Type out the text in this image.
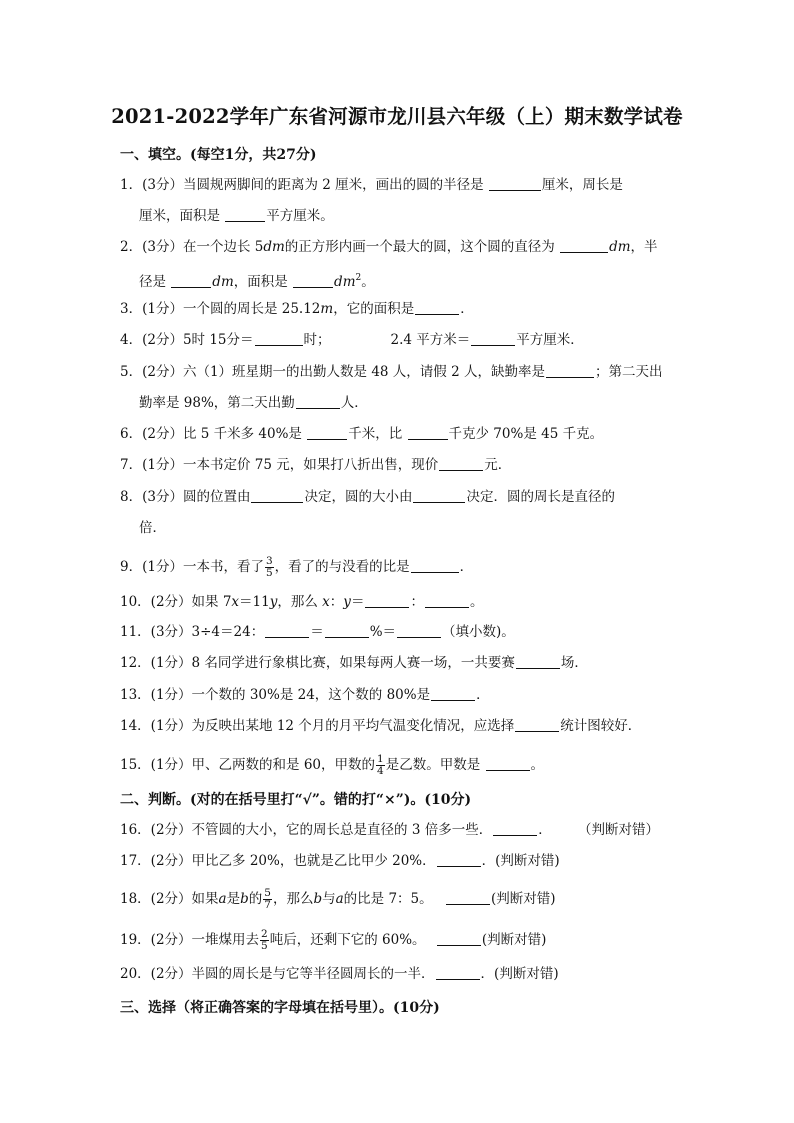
2021-2022学年广东省河源市龙川县六年级（上）期末数学试卷
一、填空。(每空1分，共27分)
1．(3分）当圆规两脚间的距离为 2 厘米，画出的圆的半径是	厘米，周长是
厘米，面积是	平方厘米。
2．(3分）在一个边长 5dm的正方形内画一个最大的圆，这个圆的直径为	dm，半
径是	dm，面积是	$dm^2$。
3．(1分）一个圆的周长是 25.12m，它的面积是	．
4．(2分）5时 15分＝	时；	2.4 平方米＝	平方厘米．
5．(2分）六（1）班星期一的出勤人数是 48 人，请假 2 人，缺勤率是	；第二天出
勤率是 98%，第二天出勤	人．
6．(2分）比 5 千米多 40%是	千米，比	千克少 70%是 45 千克。
7．(1分）一本书定价 75 元，如果打八折出售，现价	元．
8．(3分）圆的位置由	决定，圆的大小由	决定．圆的周长是直径的
倍．
9．(1分）一本书，看了 $\frac{3}{5}$ ，看了的与没看的比是	．
10．(2分）如果 7x＝11y，那么 x：y＝	：	。
11．(3分）3÷4＝24：	＝	%＝	（填小数)。
12．(1分）8 名同学进行象棋比赛，如果每两人赛一场，一共要赛	场．
13．(1分）一个数的 30%是 24，这个数的 80%是	．
14．(1分）为反映出某地 12 个月的月平均气温变化情况，应选择	统计图较好．
15．(1分）甲、乙两数的和是 60，甲数的 $\frac{1}{4}$ 是乙数。甲数是	。
二、判断。(对的在括号里打“√”。错的打“×”)。(10分)
16．(2分）不管圆的大小，它的周长总是直径的 3 倍多一些．	． （判断对错）
17．(2分）甲比乙多 20%，也就是乙比甲少 20%．	．(判断对错)
18．(2分）如果a是b的 $\frac{5}{7}$ ，那么b与a的比是 7：5。	(判断对错)
19．(2分）一堆煤用去 $\frac{2}{5}$ 吨后，还剩下它的 60%。	(判断对错)
20．(2分）半圆的周长是与它等半径圆周长的一半．	．(判断对错)
三、选择（将正确答案的字母填在括号里）。(10分)
